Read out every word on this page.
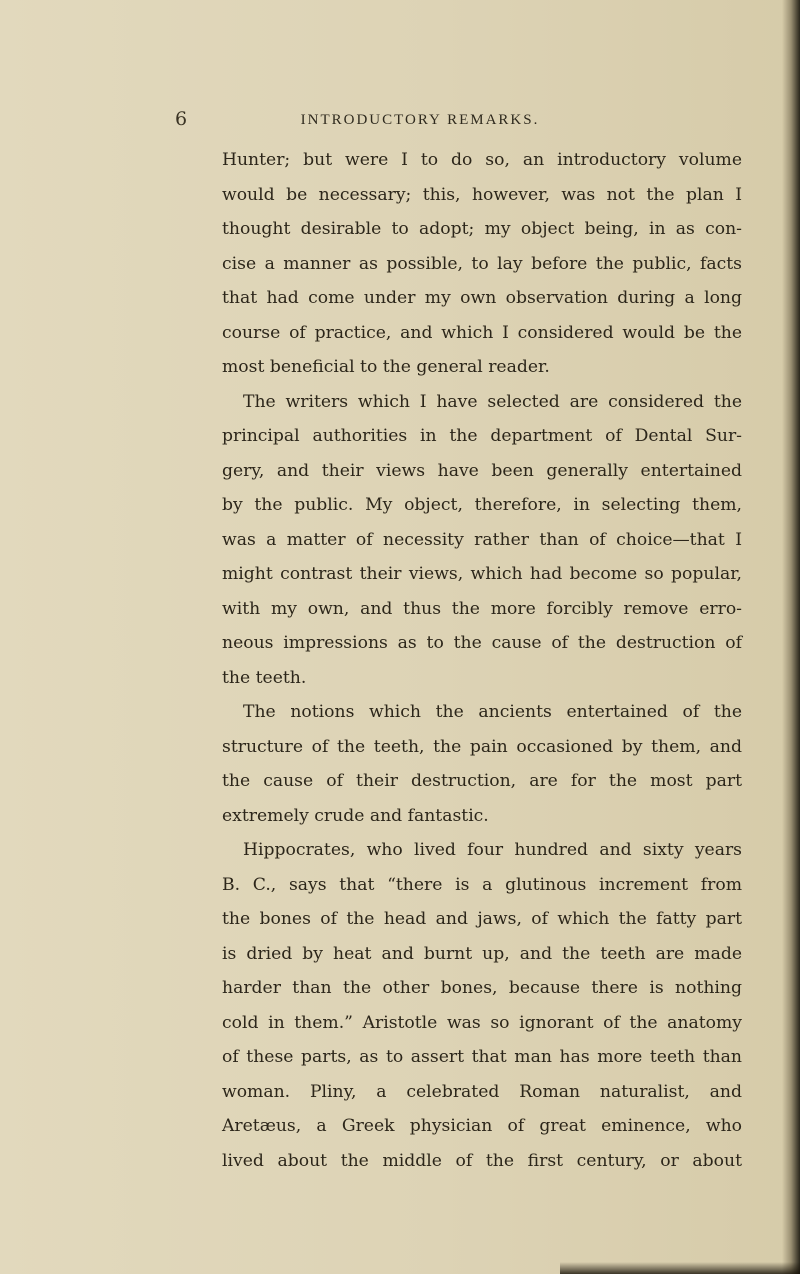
6	INTRODUCTORY REMARKS.
Hunter; but were I to do so, an introductory volume
would be necessary; this, however, was not the plan I
thought desirable to adopt; my object being, in as con-
cise a manner as possible, to lay before the public, facts
that had come under my own observation during a long
course of practice, and which I considered would be the
most beneficial to the general reader.
The writers which I have selected are considered the
principal authorities in the department of Dental Sur-
gery, and their views have been generally entertained
by the public. My object, therefore, in selecting them,
was a matter of necessity rather than of choice—that I
might contrast their views, which had become so popular,
with my own, and thus the more forcibly remove erro-
neous impressions as to the cause of the destruction of
the teeth.
The notions which the ancients entertained of the
structure of the teeth, the pain occasioned by them, and
the cause of their destruction, are for the most part
extremely crude and fantastic.
Hippocrates, who lived four hundred and sixty years
B. C., says that “there is a glutinous increment from
the bones of the head and jaws, of which the fatty part
is dried by heat and burnt up, and the teeth are made
harder than the other bones, because there is nothing
cold in them.” Aristotle was so ignorant of the anatomy
of these parts, as to assert that man has more teeth than
woman. Pliny, a celebrated Roman naturalist, and
Aretæus, a Greek physician of great eminence, who
lived about the middle of the first century, or about
